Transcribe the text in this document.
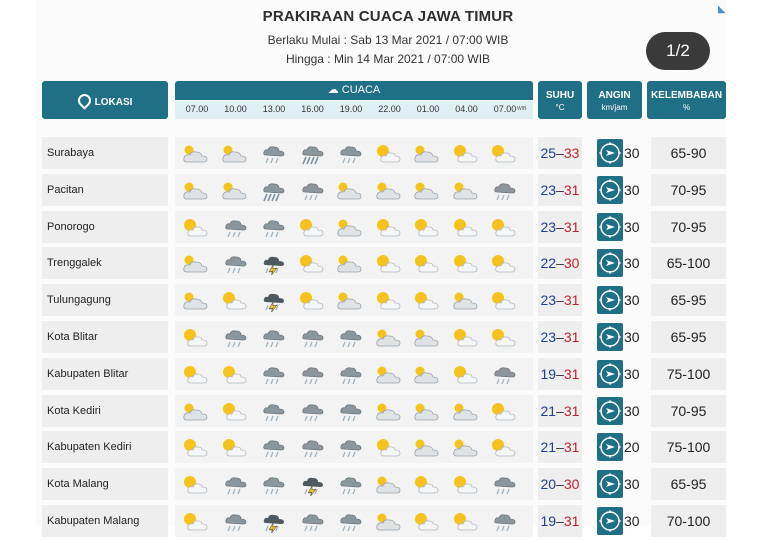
◣
PRAKIRAAN CUACA JAWA TIMUR
Berlaku Mulai : Sab 13 Mar 2021 / 07:00 WIB
Hingga : Min 14 Mar 2021 / 07:00 WIB	1/2
LOKASI
☁ CUACA
07.00	10.00	13.00	16.00	19.00	22.00	01.00	04.00	07.00 WIB
SUHU
°C
ANGIN
km/jam
KELEMBABAN
%
Surabaya	25–33	30	65-90
Pacitan	23–31	30	70-95
Ponorogo	23–31	30	70-95
Trenggalek	22–30	30	65-100
Tulungagung	23–31	30	65-95
Kota Blitar	23–31	30	65-95
Kabupaten Blitar	19–31	30	75-100
Kota Kediri	21–31	30	70-95
Kabupaten Kediri	21–31	20	75-100
Kota Malang	20–30	30	65-95
Kabupaten Malang	19–31	30	70-100
